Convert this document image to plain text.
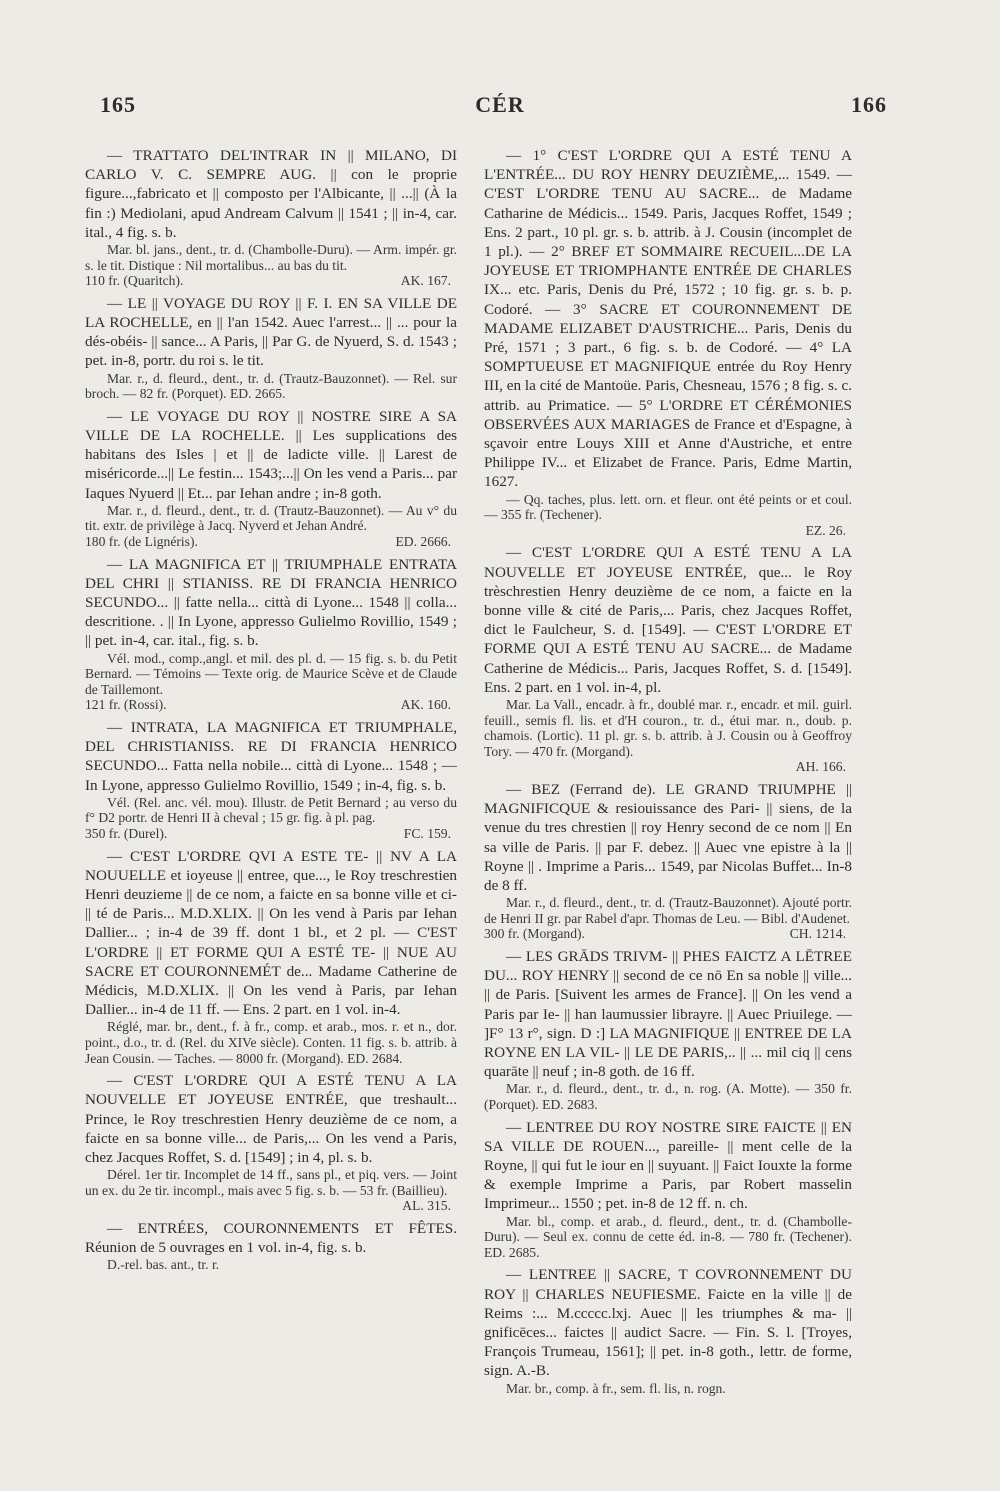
165	CÉR	166

— TRATTATO DEL'INTRAR IN || MILANO, DI CARLO V. C. SEMPRE AUG. || con le proprie figure...,fabricato et || composto per l'Albicante, || ...|| (À la fin :) Mediolani, apud Andream Calvum || 1541 ; || in-4, car. ital., 4 fig. s. b.

Mar. bl. jans., dent., tr. d. (Chambolle-Duru). — Arm. impér. gr. s. le tit. Distique : Nil mortalibus... au bas du tit.

110 fr. (Quaritch).	AK. 167.

— LE || VOYAGE DU ROY || F. I. EN SA VILLE DE LA ROCHELLE, en || l'an 1542. Auec l'arrest... || ... pour la dés-obéis- || sance... A Paris, || Par G. de Nyuerd, S. d. 1543 ; pet. in-8, portr. du roi s. le tit.

Mar. r., d. fleurd., dent., tr. d. (Trautz-Bauzonnet). — Rel. sur broch. — 82 fr. (Porquet). ED. 2665.

— LE VOYAGE DU ROY || NOSTRE SIRE A SA VILLE DE LA ROCHELLE. || Les supplications des habitans des Isles | et || de ladicte ville. || Larest de miséricorde...|| Le festin... 1543;...|| On les vend a Paris... par Iaques Nyuerd || Et... par Iehan andre ; in-8 goth.

Mar. r., d. fleurd., dent., tr. d. (Trautz-Bauzonnet). — Au v° du tit. extr. de privilège à Jacq. Nyverd et Jehan André.

180 fr. (de Lignéris).	ED. 2666.

— LA MAGNIFICA ET || TRIUMPHALE ENTRATA DEL CHRI || STIANISS. RE DI FRANCIA HENRICO SECUNDO... || fatte nella... città di Lyone... 1548 || colla... descritione. . || In Lyone, appresso Gulielmo Rovillio, 1549 ; || pet. in-4, car. ital., fig. s. b.

Vél. mod., comp.,angl. et mil. des pl. d. — 15 fig. s. b. du Petit Bernard. — Témoins — Texte orig. de Maurice Scève et de Claude de Taillemont.

121 fr. (Rossi).	AK. 160.

— INTRATA, LA MAGNIFICA ET TRIUMPHALE, DEL CHRISTIANISS. RE DI FRANCIA HENRICO SECUNDO... Fatta nella nobile... città di Lyone... 1548 ; — In Lyone, appresso Gulielmo Rovillio, 1549 ; in-4, fig. s. b.

Vél. (Rel. anc. vél. mou). Illustr. de Petit Bernard ; au verso du f° D2 portr. de Henri II à cheval ; 15 gr. fig. à pl. pag.

350 fr. (Durel).	FC. 159.

— C'EST L'ORDRE QVI A ESTE TE- || NV A LA NOUUELLE et ioyeuse || entree, que..., le Roy treschrestien Henri deuzieme || de ce nom, a faicte en sa bonne ville et ci- || té de Paris... M.D.XLIX. || On les vend à Paris par Iehan Dallier... ; in-4 de 39 ff. dont 1 bl., et 2 pl. — C'EST L'ORDRE || ET FORME QUI A ESTÉ TE- || NUE AU SACRE ET COURONNEMÉT de... Madame Catherine de Médicis, M.D.XLIX. || On les vend à Paris, par Iehan Dallier... in-4 de 11 ff. — Ens. 2 part. en 1 vol. in-4.

Réglé, mar. br., dent., f. à fr., comp. et arab., mos. r. et n., dor. point., d.o., tr. d. (Rel. du XIVe siècle). Conten. 11 fig. s. b. attrib. à Jean Cousin. — Taches. — 8000 fr. (Morgand). ED. 2684.

— C'EST L'ORDRE QUI A ESTÉ TENU A LA NOUVELLE ET JOYEUSE ENTRÉE, que treshault... Prince, le Roy treschrestien Henry deuzième de ce nom, a faicte en sa bonne ville... de Paris,... On les vend a Paris, chez Jacques Roffet, S. d. [1549] ; in 4, pl. s. b.

Dérel. 1er tir. Incomplet de 14 ff., sans pl., et piq. vers. — Joint un ex. du 2e tir. incompl., mais avec 5 fig. s. b. — 53 fr. (Baillieu).

AL. 315.

— ENTRÉES, COURONNEMENTS ET FÊTES. Réunion de 5 ouvrages en 1 vol. in-4, fig. s. b.

D.-rel. bas. ant., tr. r.

— 1° C'EST L'ORDRE QUI A ESTÉ TENU A L'ENTRÉE... DU ROY HENRY DEUZIÈME,... 1549. — C'EST L'ORDRE TENU AU SACRE... de Madame Catharine de Médicis... 1549. Paris, Jacques Roffet, 1549 ; Ens. 2 part., 10 pl. gr. s. b. attrib. à J. Cousin (incomplet de 1 pl.). — 2° BREF ET SOMMAIRE RECUEIL...DE LA JOYEUSE ET TRIOMPHANTE ENTRÉE DE CHARLES IX... etc. Paris, Denis du Pré, 1572 ; 10 fig. gr. s. b. p. Codoré. — 3° SACRE ET COURONNEMENT DE MADAME ELIZABET D'AUSTRICHE... Paris, Denis du Pré, 1571 ; 3 part., 6 fig. s. b. de Codoré. — 4° LA SOMPTUEUSE ET MAGNIFIQUE entrée du Roy Henry III, en la cité de Mantoüe. Paris, Chesneau, 1576 ; 8 fig. s. c. attrib. au Primatice. — 5° L'ORDRE ET CÉRÉMONIES OBSERVÉES AUX MARIAGES de France et d'Espagne, à sçavoir entre Louys XIII et Anne d'Austriche, et entre Philippe IV... et Elizabet de France. Paris, Edme Martin, 1627.

— Qq. taches, plus. lett. orn. et fleur. ont été peints or et coul. — 355 fr. (Techener).

EZ. 26.

— C'EST L'ORDRE QUI A ESTÉ TENU A LA NOUVELLE ET JOYEUSE ENTRÉE, que... le Roy trèschrestien Henry deuzième de ce nom, a faicte en la bonne ville & cité de Paris,... Paris, chez Jacques Roffet, dict le Faulcheur, S. d. [1549]. — C'EST L'ORDRE ET FORME QUI A ESTÉ TENU AU SACRE... de Madame Catherine de Médicis... Paris, Jacques Roffet, S. d. [1549]. Ens. 2 part. en 1 vol. in-4, pl.

Mar. La Vall., encadr. à fr., doublé mar. r., encadr. et mil. guirl. feuill., semis fl. lis. et d'H couron., tr. d., étui mar. n., doub. p. chamois. (Lortic). 11 pl. gr. s. b. attrib. à J. Cousin ou à Geoffroy Tory. — 470 fr. (Morgand).

AH. 166.

— BEZ (Ferrand de). LE GRAND TRIUMPHE || MAGNIFICQUE & resiouissance des Pari- || siens, de la venue du tres chrestien || roy Henry second de ce nom || En sa ville de Paris. || par F. debez. || Auec vne epistre à la || Royne || . Imprime a Paris... 1549, par Nicolas Buffet... In-8 de 8 ff.

Mar. r., d. fleurd., dent., tr. d. (Trautz-Bauzonnet). Ajouté portr. de Henri II gr. par Rabel d'apr. Thomas de Leu. — Bibl. d'Audenet.

300 fr. (Morgand).	CH. 1214.

— LES GRĀDS TRIVM- || PHES FAICTZ A LĒTREE DU... ROY HENRY || second de ce nō En sa noble || ville... || de Paris. [Suivent les armes de France]. || On les vend a Paris par Ie- || han laumussier librayre. || Auec Priuilege. — ]F° 13 r°, sign. D :] LA MAGNIFIQUE || ENTREE DE LA ROYNE EN LA VIL- || LE DE PARIS,.. || ... mil ciq || cens quarāte || neuf ; in-8 goth. de 16 ff.

Mar. r., d. fleurd., dent., tr. d., n. rog. (A. Motte). — 350 fr. (Porquet). ED. 2683.

— LENTREE DU ROY NOSTRE SIRE FAICTE || EN SA VILLE DE ROUEN..., pareille- || ment celle de la Royne, || qui fut le iour en || suyuant. || Faict Iouxte la forme & exemple Imprime a Paris, par Robert masselin Imprimeur... 1550 ; pet. in-8 de 12 ff. n. ch.

Mar. bl., comp. et arab., d. fleurd., dent., tr. d. (Chambolle-Duru). — Seul ex. connu de cette éd. in-8. — 780 fr. (Techener). ED. 2685.

— LENTREE || SACRE, Τ COVRONNEMENT DU ROY || CHARLES NEUFIESME. Faicte en la ville || de Reims :... M.ccccc.lxj. Auec || les triumphes & ma- || gnificēces... faictes || audict Sacre. — Fin. S. l. [Troyes, François Trumeau, 1561]; || pet. in-8 goth., lettr. de forme, sign. A.-B.

Mar. br., comp. à fr., sem. fl. lis, n. rogn.
